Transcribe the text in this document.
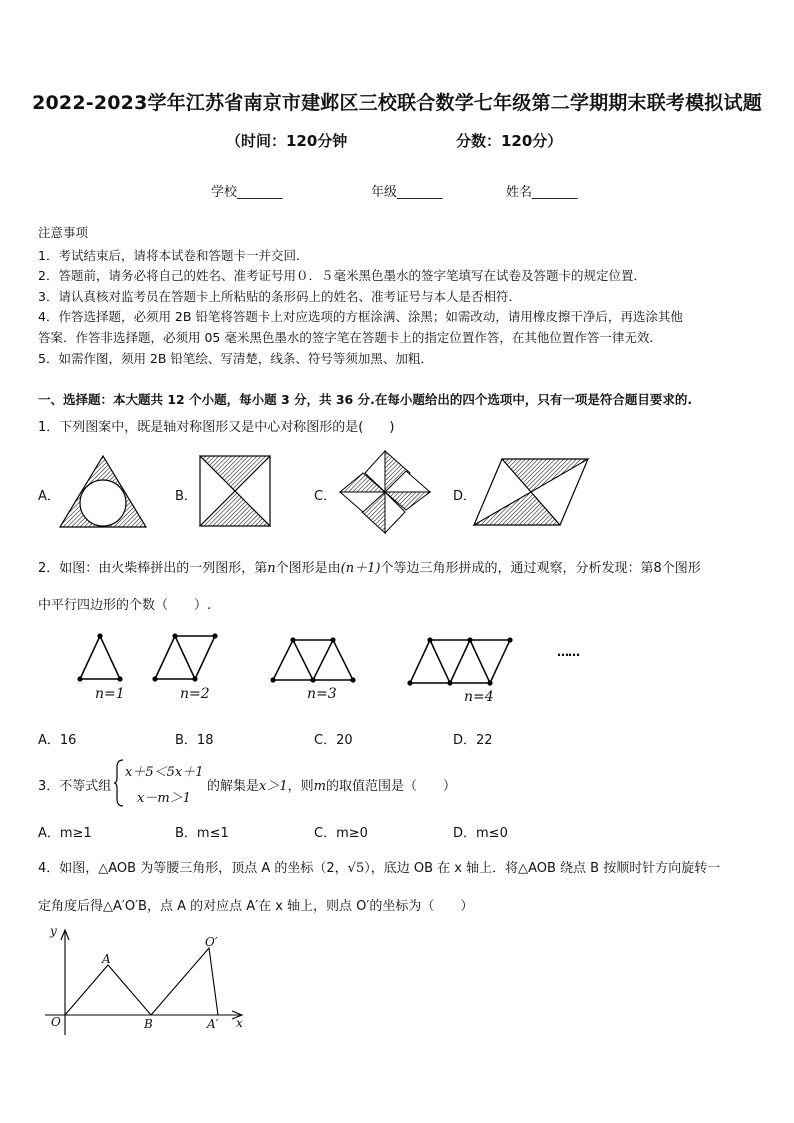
2022-2023学年江苏省南京市建邺区三校联合数学七年级第二学期期末联考模拟试题
（时间：120分钟	分数：120分）
学校_______	年级_______	姓名_______
注意事项
1．考试结束后，请将本试卷和答题卡一并交回．
2．答题前，请务必将自己的姓名、准考证号用０．５毫米黑色墨水的签字笔填写在试卷及答题卡的规定位置．
3．请认真核对监考员在答题卡上所粘贴的条形码上的姓名、准考证号与本人是否相符．
4．作答选择题，必须用 2B 铅笔将答题卡上对应选项的方框涂满、涂黑；如需改动，请用橡皮擦干净后，再选涂其他
答案．作答非选择题，必须用 05 毫米黑色墨水的签字笔在答题卡上的指定位置作答，在其他位置作答一律无效．
5．如需作图，须用 2B 铅笔绘、写清楚，线条、符号等须加黑、加粗．
一、选择题：本大题共 12 个小题，每小题 3 分，共 36 分.在每小题给出的四个选项中，只有一项是符合题目要求的.
1．下列图案中，既是轴对称图形又是中心对称图形的是(　　)
A．	B．	C．	D．
2．如图：由火柴棒拼出的一列图形，第n个图形是由(n＋1)个等边三角形拼成的，通过观察，分析发现：第8个图形
中平行四边形的个数（　　）.
n=1	n=2	n=3	n=4
……
A．16	B．18	C．20	D．22
3．不等式组
x＋5＜5x＋1
x－m＞1
的解集是x＞1，则m的取值范围是（　　）
A．m≥1	B．m≤1	C．m≥0	D．m≤0
4．如图，△AOB 为等腰三角形，顶点 A 的坐标（2，√5），底边 OB 在 x 轴上．将△AOB 绕点 B 按顺时针方向旋转一
定角度后得△A′O′B，点 A 的对应点 A′在 x 轴上，则点 O′的坐标为（　　）
y
x
O
A
B	A′
O′
